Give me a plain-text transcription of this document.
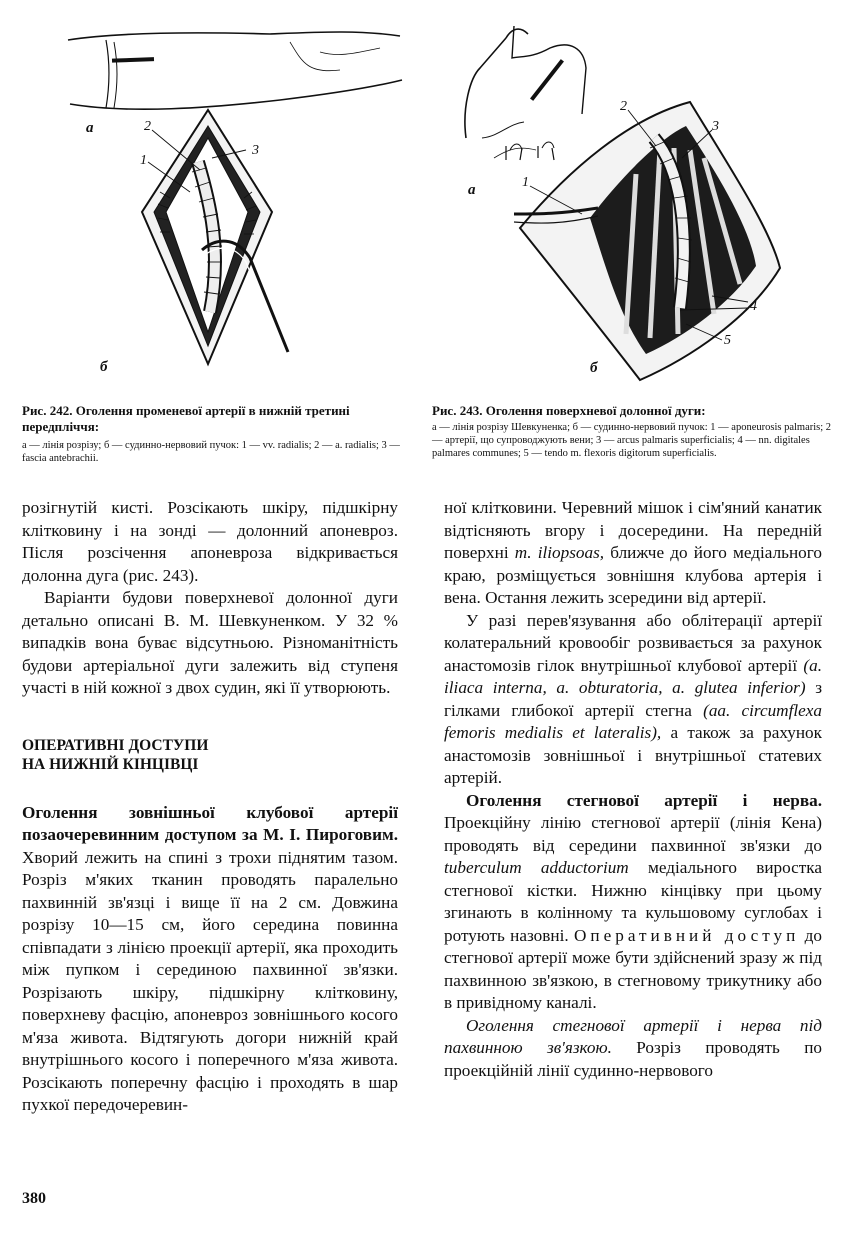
2
3
1
а
б
Рис. 242. Оголення променевої артерії в нижній третині передпліччя:
а — лінія розрізу; б — судинно-нервовий пучок: 1 — vv. radialis; 2 — a. radialis; 3 — fascia antebrachii.
2
3
1
4
5
а
б
Рис. 243. Оголення поверхневої долонної дуги:
а — лінія розрізу Шевкуненка; б — судинно-нервовий пучок: 1 — aponeurosis palmaris; 2 — артерії, що супроводжують вени; 3 — arcus palmaris superficialis; 4 — nn. digitales palmares communes; 5 — tendo m. flexoris digitorum superficialis.

розігнутій кисті. Розсікають шкіру, підшкірну клітковину і на зонді — долонний апоневроз. Після розсічення апоневроза відкривається долонна дуга (рис. 243).

Варіанти будови поверхневої долонної дуги детально описані В. М. Шевкуненком. У 32 % випадків вона буває відсутньою. Різноманітність будови артеріальної дуги залежить від ступеня участі в ній кожної з двох судин, які її утворюють.

ОПЕРАТИВНІ ДОСТУПИ
НА НИЖНІЙ КІНЦІВЦІ

Оголення зовнішньої клубової артерії позаочеревинним доступом за М. І. Пироговим. Хворий лежить на спині з трохи піднятим тазом. Розріз м'яких тканин проводять паралельно пахвинній зв'язці і вище її на 2 см. Довжина розрізу 10—15 см, його середина повинна співпадати з лінією проекції артерії, яка проходить між пупком і серединою пахвинної зв'язки. Розрізають шкіру, підшкірну клітковину, поверхневу фасцію, апоневроз зовнішнього косого м'яза живота. Відтягують догори нижній край внутрішнього косого і поперечного м'яза живота. Розсікають поперечну фасцію і проходять в шар пухкої передочеревин-

ної клітковини. Черевний мішок і сім'яний канатик відтісняють вгору і досередини. На передній поверхні m. iliopsoas, ближче до його медіального краю, розміщується зовнішня клубова артерія і вена. Остання лежить зсередини від артерії.

У разі перев'язування або облітерації артерії колатеральний кровообіг розвивається за рахунок анастомозів гілок внутрішньої клубової артерії (a. iliaca interna, a. obturatoria, a. glutea inferior) з гілками глибокої артерії стегна (aa. circumflexa femoris medialis et lateralis), а також за рахунок анастомозів зовнішньої і внутрішньої статевих артерій.

Оголення стегнової артерії і нерва. Проекційну лінію стегнової артерії (лінія Кена) проводять від середини пахвинної зв'язки до tuberculum adductorium медіального виростка стегнової кістки. Нижню кінцівку при цьому згинають в колінному та кульшовому суглобах і ротують назовні. Оперативний доступ до стегнової артерії може бути здійснений зразу ж під пахвинною зв'язкою, в стегновому трикутнику або в привідному каналі.

Оголення стегнової артерії і нерва під пахвинною зв'язкою. Розріз проводять по проекційній лінії судинно-нервового

380
